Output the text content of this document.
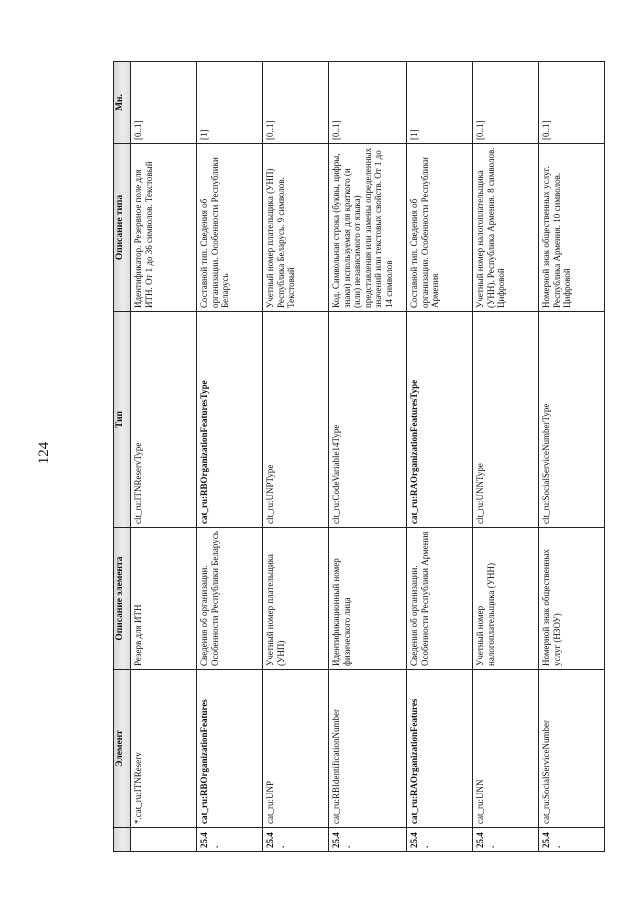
124
	Элемент	Описание элемента	Тип	Описание типа	Мн.
	*.cat_ru:ITNReserv	Резерв для ИТН	clt_ru:ITNReservType	Идентификатор. Резервное поле для ИТН. От 1 до 36 символов. Текстовый	[0..1]
25.4.	cat_ru:RBOrganizationFeatures	Сведения об организации. Особенности Республики Беларусь	cat_ru:RBOrganizationFeaturesType	Составной тип. Сведения об организации. Особенности Республики Беларусь	[1]
25.4.	cat_ru:UNP	Учетный номер плательщика (УНП)	clt_ru:UNPType	Учетный номер плательщика (УНП) Республика Беларусь. 9 символов. Текстовый	[0..1]
25.4.	cat_ru:RBIdentificationNumber	Идентификационный номер физического лица	clt_ru:CodeVariable14Type	Код. Символьная строка (буквы, цифры, знаки) используемая для краткого (и (или) независимого от языка) представления или замены определенных значений или текстовых свойств. От 1 до 14 символов	[0..1]
25.4.	cat_ru:RAOrganizationFeatures	Сведения об организации. Особенности Республики Армения	cat_ru:RAOrganizationFeaturesType	Составной тип. Сведения об организации. Особенности Республики Армения	[1]
25.4.	cat_ru:UNN	Учетный номер налогоплательщика (УНН)	clt_ru:UNNType	Учетный номер налогоплательщика (УНН). Республика Армения. 8 символов. Цифровой	[0..1]
25.4.	cat_ru:SocialServiceNumber	Номерной знак общественных услуг (НЗОУ)	clt_ru:SocialServiceNumberType	Номерной знак общественных услуг. Республика Армения. 10 символов. Цифровой	[0..1]
